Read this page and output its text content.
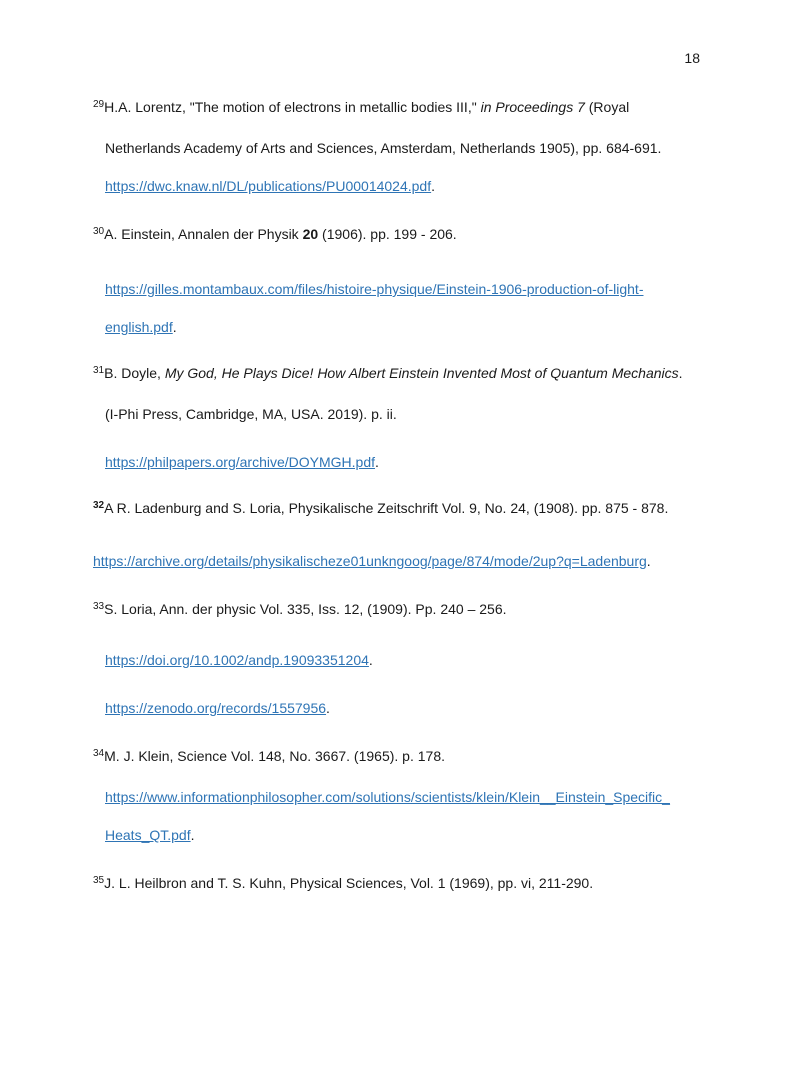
18
$^{29}$H.A. Lorentz, "The motion of electrons in metallic bodies III," in Proceedings 7 (Royal
Netherlands Academy of Arts and Sciences, Amsterdam, Netherlands 1905), pp. 684-691.
https://dwc.knaw.nl/DL/publications/PU00014024.pdf.
$^{30}$A. Einstein, Annalen der Physik 20 (1906). pp. 199 - 206.
https://gilles.montambaux.com/files/histoire-physique/Einstein-1906-production-of-light-
english.pdf.
$^{31}$B. Doyle, My God, He Plays Dice! How Albert Einstein Invented Most of Quantum Mechanics.
(I-Phi Press, Cambridge, MA, USA. 2019). p. ii.
https://philpapers.org/archive/DOYMGH.pdf.
$^{32}$A R. Ladenburg and S. Loria, Physikalische Zeitschrift Vol. 9, No. 24, (1908). pp. 875 - 878.
https://archive.org/details/physikalischeze01unkngoog/page/874/mode/2up?q=Ladenburg.
$^{33}$S. Loria, Ann. der physic Vol. 335, Iss. 12, (1909). Pp. 240 – 256.
https://doi.org/10.1002/andp.19093351204.
https://zenodo.org/records/1557956.
$^{34}$M. J. Klein, Science Vol. 148, No. 3667. (1965). p. 178.
https://www.informationphilosopher.com/solutions/scientists/klein/Klein__Einstein_Specific_
Heats_QT.pdf.
$^{35}$J. L. Heilbron and T. S. Kuhn, Physical Sciences, Vol. 1 (1969), pp. vi, 211-290.
